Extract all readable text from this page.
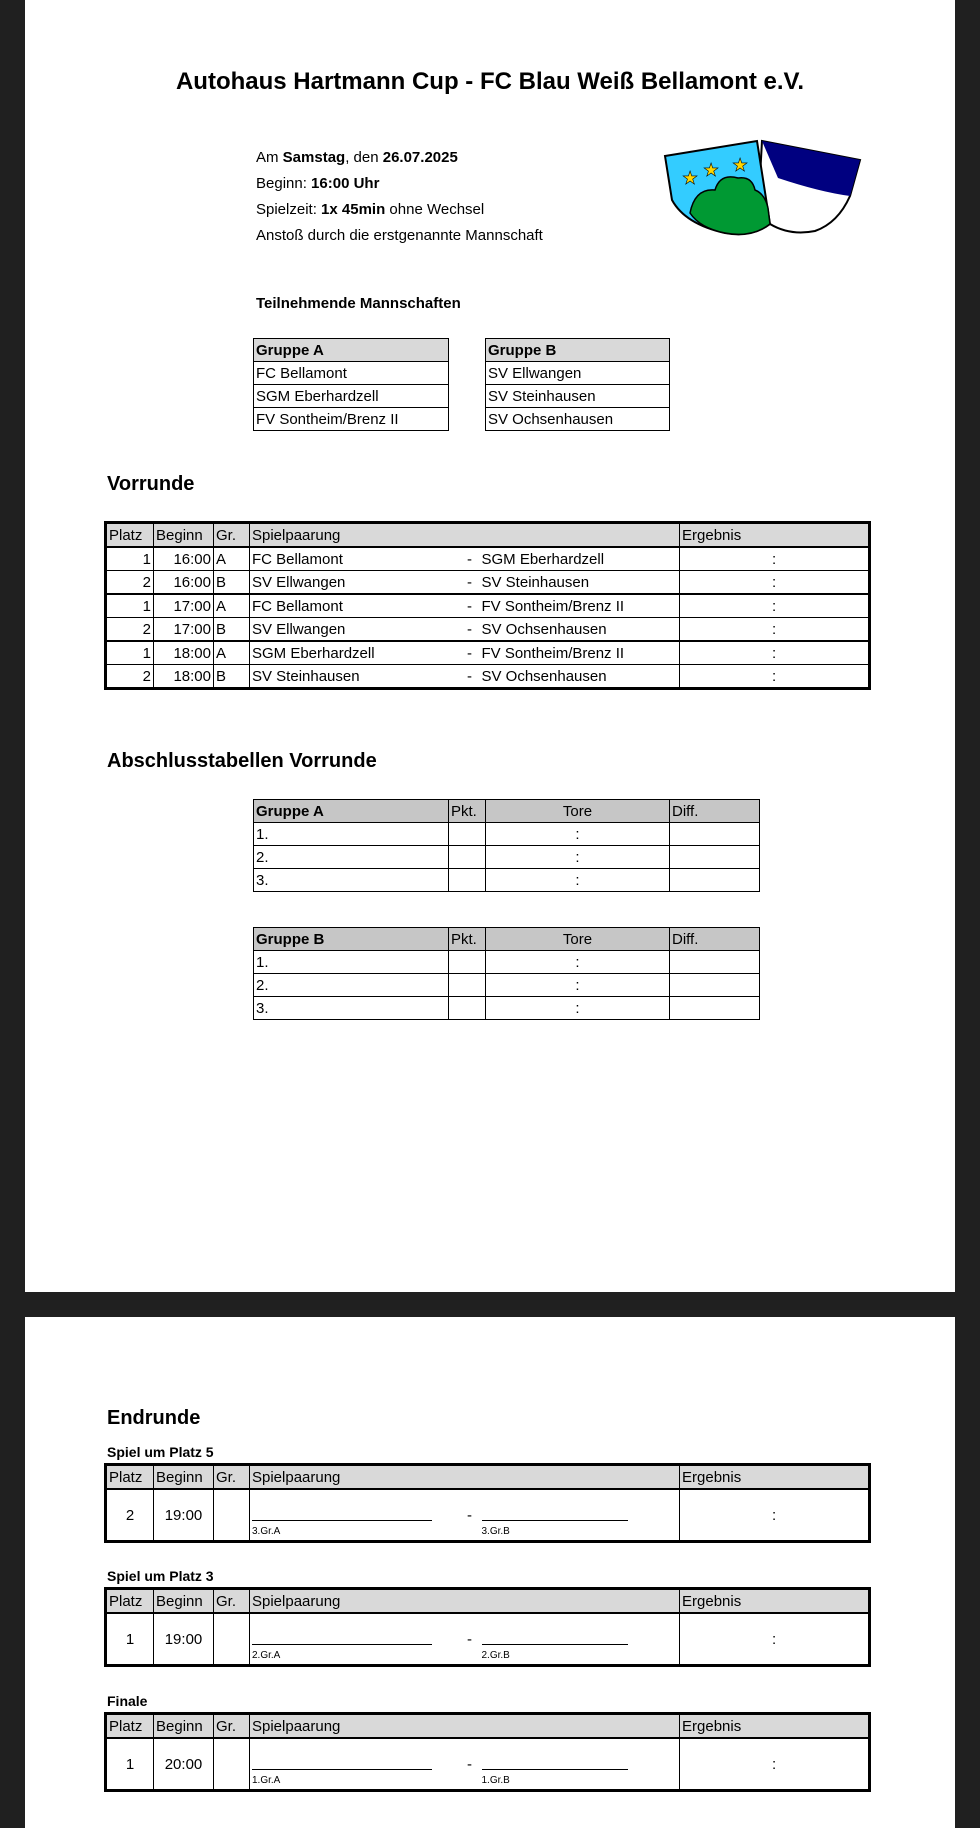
Autohaus Hartmann Cup - FC Blau Weiß Bellamont e.V.
Am Samstag, den 26.07.2025
Beginn: 16:00 Uhr
Spielzeit: 1x 45min ohne Wechsel
Anstoß durch die erstgenannte Mannschaft
★ ★ ★
Teilnehmende Mannschaften
Gruppe A
FC Bellamont
SGM Eberhardzell
FV Sontheim/Brenz II
Gruppe B
SV Ellwangen
SV Steinhausen
SV Ochsenhausen
Vorrunde
Platz	Beginn	Gr.	Spielpaarung			Ergebnis
1	16:00	A	FC Bellamont	-	SGM Eberhardzell	:
2	16:00	B	SV Ellwangen	-	SV Steinhausen	:
1	17:00	A	FC Bellamont	-	FV Sontheim/Brenz II	:
2	17:00	B	SV Ellwangen	-	SV Ochsenhausen	:
1	18:00	A	SGM Eberhardzell	-	FV Sontheim/Brenz II	:
2	18:00	B	SV Steinhausen	-	SV Ochsenhausen	:
Abschlusstabellen Vorrunde
Gruppe A	Pkt.	Tore	Diff.
1.		:	
2.		:	
3.		:	
Gruppe B	Pkt.	Tore	Diff.
1.		:	
2.		:	
3.		:	
Endrunde
Spiel um Platz 5
Platz	Beginn	Gr.	Spielpaarung			Ergebnis
2	19:00		3.Gr.A	-	3.Gr.B	:
Spiel um Platz 3
Platz	Beginn	Gr.	Spielpaarung			Ergebnis
1	19:00		2.Gr.A	-	2.Gr.B	:
Finale
Platz	Beginn	Gr.	Spielpaarung			Ergebnis
1	20:00		1.Gr.A	-	1.Gr.B	:
